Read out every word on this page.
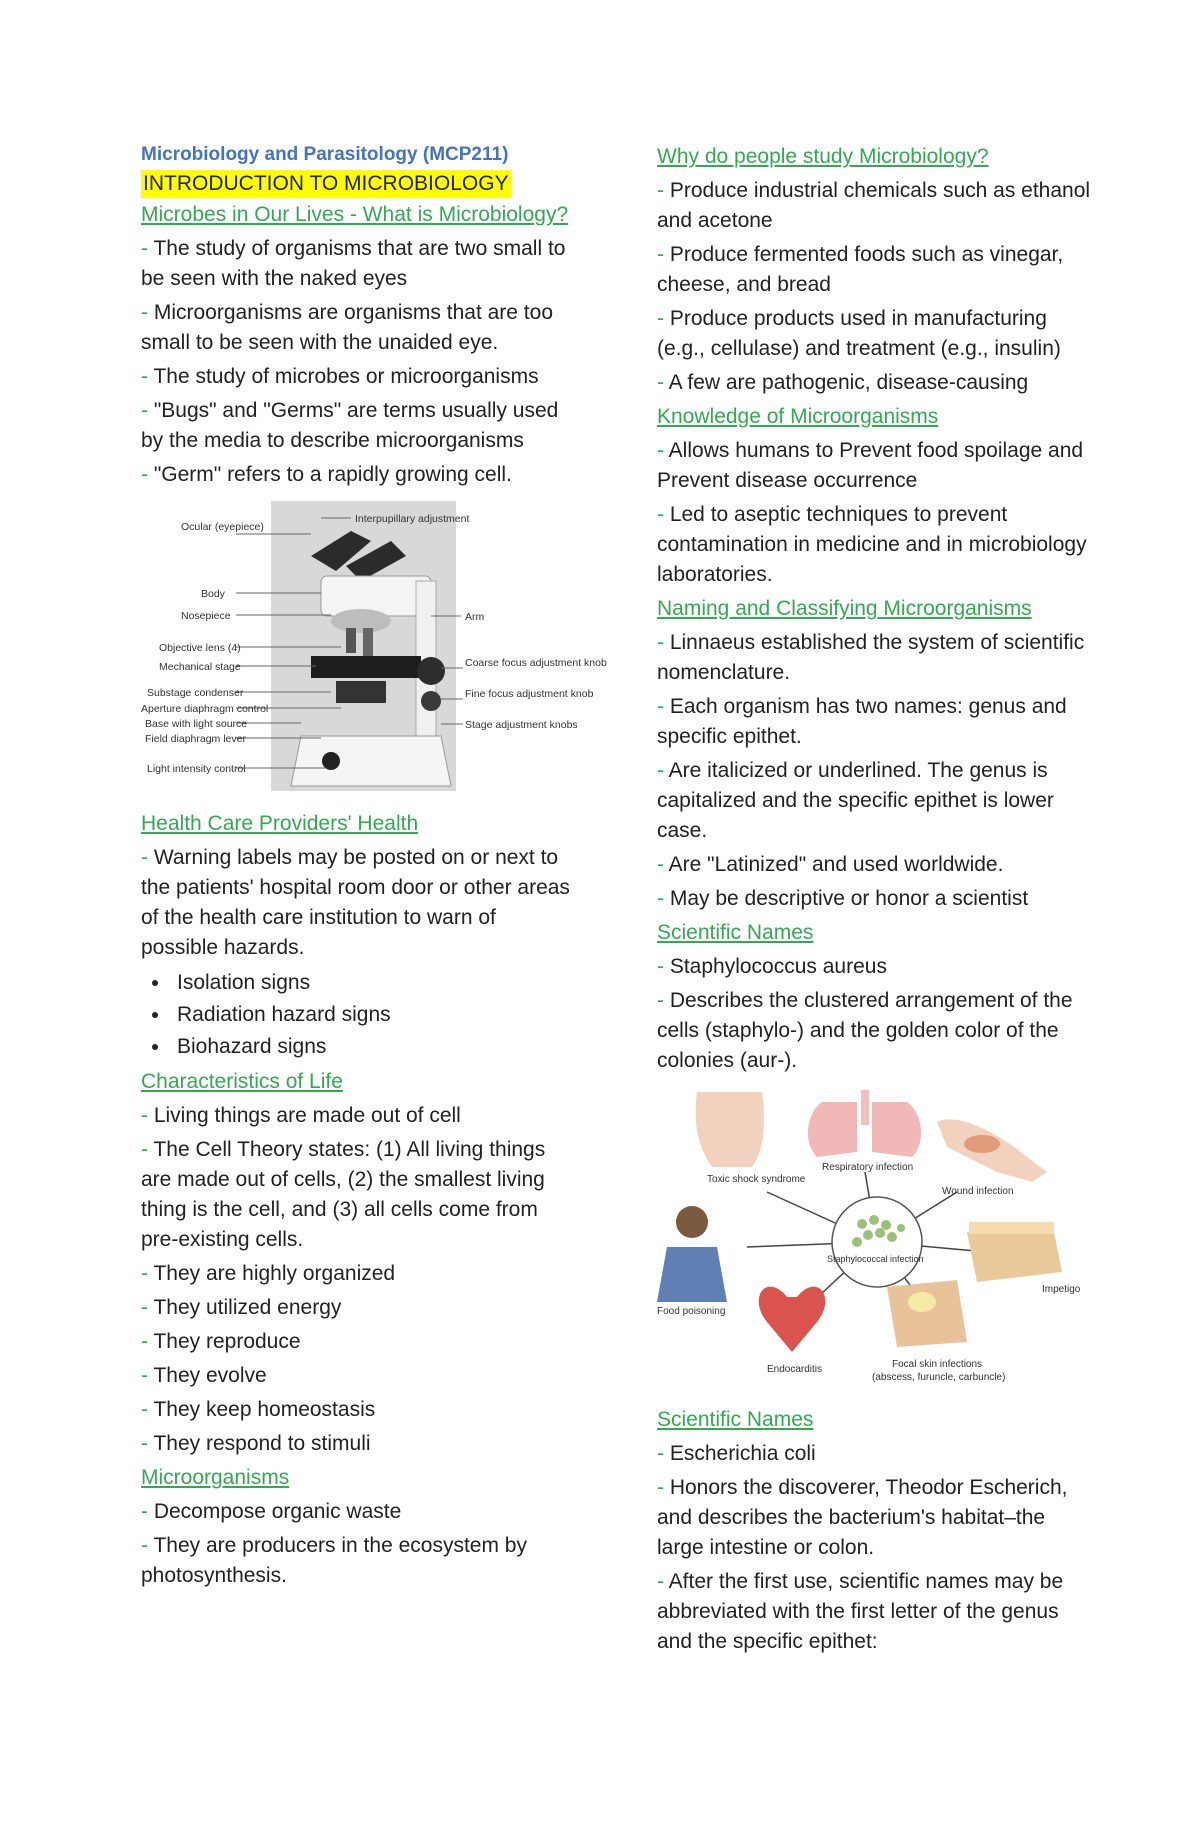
Microbiology and Parasitology (MCP211)
INTRODUCTION TO MICROBIOLOGY
Microbes in Our Lives - What is Microbiology?

- The study of organisms that are two small to be seen with the naked eyes

- Microorganisms are organisms that are too small to be seen with the unaided eye.

- The study of microbes or microorganisms

- "Bugs" and "Germs" are terms usually used by the media to describe microorganisms

- "Germ" refers to a rapidly growing cell.

Interpupillary adjustment
Ocular (eyepiece)
Body
Nosepiece
Objective lens (4)
Mechanical stage
Substage condenser
Aperture diaphragm control
Base with light source
Field diaphragm lever
Light intensity control
Arm
Coarse focus adjustment knob
Fine focus adjustment knob
Stage adjustment knobs
Health Care Providers' Health

- Warning labels may be posted on or next to the patients' hospital room door or other areas of the health care institution to warn of possible hazards.

• Isolation signs
• Radiation hazard signs
• Biohazard signs
Characteristics of Life

- Living things are made out of cell

- The Cell Theory states: (1) All living things are made out of cells, (2) the smallest living thing is the cell, and (3) all cells come from pre-existing cells.

- They are highly organized

- They utilized energy

- They reproduce

- They evolve

- They keep homeostasis

- They respond to stimuli

Microorganisms

- Decompose organic waste

- They are producers in the ecosystem by photosynthesis.

Why do people study Microbiology?

- Produce industrial chemicals such as ethanol and acetone

- Produce fermented foods such as vinegar, cheese, and bread

- Produce products used in manufacturing (e.g., cellulase) and treatment (e.g., insulin)

- A few are pathogenic, disease-causing

Knowledge of Microorganisms

- Allows humans to Prevent food spoilage and Prevent disease occurrence

- Led to aseptic techniques to prevent contamination in medicine and in microbiology laboratories.

Naming and Classifying Microorganisms

- Linnaeus established the system of scientific nomenclature.

- Each organism has two names: genus and specific epithet.

- Are italicized or underlined. The genus is capitalized and the specific epithet is lower case.

- Are "Latinized" and used worldwide.

- May be descriptive or honor a scientist

Scientific Names

- Staphylococcus aureus

- Describes the clustered arrangement of the cells (staphylo-) and the golden color of the colonies (aur-).

Respiratory infection
Toxic shock syndrome
Wound infection
Staphylococcal infection
Food poisoning
Impetigo
Endocarditis	Focal skin infections
(abscess, furuncle, carbuncle)
Scientific Names

- Escherichia coli

- Honors the discoverer, Theodor Escherich, and describes the bacterium's habitat–the large intestine or colon.

- After the first use, scientific names may be abbreviated with the first letter of the genus and the specific epithet:
